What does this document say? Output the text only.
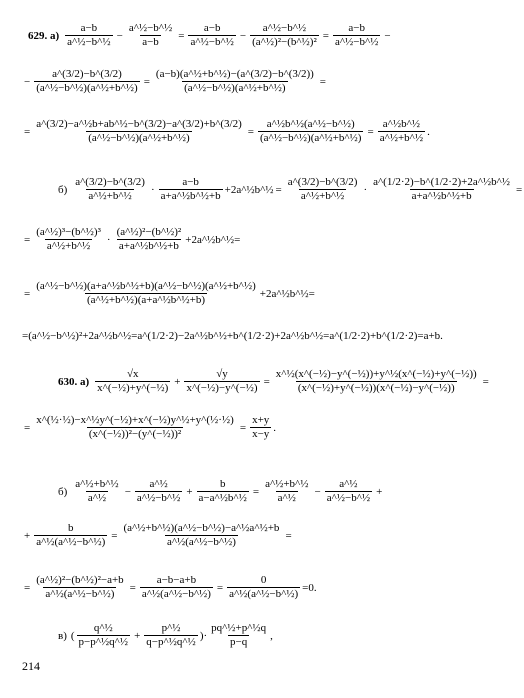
629. $а) \frac{a-b}{\text{a\textasciicircum{}½−b\textasciicircum{}½}} - \frac{\text{a\textasciicircum{}½−b\textasciicircum{}½}}{a-b} = \frac{a-b}{\text{a\textasciicircum{}½−b\textasciicircum{}½}} - \frac{\text{a\textasciicircum{}½−b\textasciicircum{}½}}{\text{(a\textasciicircum{}½)²−(b\textasciicircum{}½)²}} = \frac{a-b}{\text{a\textasciicircum{}½−b\textasciicircum{}½}}$ −
− $\frac{a\^{}(3/2)-b\^{}(3/2)}{\text{(a\textasciicircum{}½−b\textasciicircum{}½)(a\textasciicircum{}½+b\textasciicircum{}½)}} = \frac{\text{(a−b)(a\textasciicircum{}½+b\textasciicircum{}½)−(a\textasciicircum{}(3/2)−b\textasciicircum{}(3/2))}}{\text{(a\textasciicircum{}½−b\textasciicircum{}½)(a\textasciicircum{}½+b\textasciicircum{}½)}}$ =
= $\frac{\text{a\textasciicircum{}(3/2)−a\textasciicircum{}½b+ab\textasciicircum{}½−b\textasciicircum{}(3/2)−a\textasciicircum{}(3/2)+b\textasciicircum{}(3/2)}}{\text{(a\textasciicircum{}½−b\textasciicircum{}½)(a\textasciicircum{}½+b\textasciicircum{}½)}} = \frac{\text{a\textasciicircum{}½b\textasciicircum{}½(a\textasciicircum{}½−b\textasciicircum{}½)}}{\text{(a\textasciicircum{}½−b\textasciicircum{}½)(a\textasciicircum{}½+b\textasciicircum{}½)}} = \frac{\text{a\textasciicircum{}½b\textasciicircum{}½}}{\text{a\textasciicircum{}½+b\textasciicircum{}½}}$ .
$б) \frac{a\^{}(3/2)-b\^{}(3/2)}{\text{a\textasciicircum{}½+b\textasciicircum{}½}} \cdot \frac{a-b}{\text{a+a\textasciicircum{}½b\textasciicircum{}½+b}}$ +2a^½b^½ = $\frac{a\^{}(3/2)-b\^{}(3/2)}{\text{a\textasciicircum{}½+b\textasciicircum{}½}} \cdot \frac{\text{a\textasciicircum{}(1/2·2)−b\textasciicircum{}(1/2·2)+2a\textasciicircum{}½b\textasciicircum{}½}}{\text{a+a\textasciicircum{}½b\textasciicircum{}½+b}}$ =
= $\frac{\text{(a\textasciicircum{}½)³−(b\textasciicircum{}½)³}}{\text{a\textasciicircum{}½+b\textasciicircum{}½}} \cdot \frac{\text{(a\textasciicircum{}½)²−(b\textasciicircum{}½)²}}{\text{a+a\textasciicircum{}½b\textasciicircum{}½+b}}$ +2a^½b^½=
= $\frac{\text{(a\textasciicircum{}½−b\textasciicircum{}½)(a+a\textasciicircum{}½b\textasciicircum{}½+b)(a\textasciicircum{}½−b\textasciicircum{}½)(a\textasciicircum{}½+b\textasciicircum{}½)}}{\text{(a\textasciicircum{}½+b\textasciicircum{}½)(a+a\textasciicircum{}½b\textasciicircum{}½+b)}}$ +2a^½b^½=
=(a^½−b^½)²+2a^½b^½=a^(1/2·2)−2a^½b^½+b^(1/2·2)+2a^½b^½=a^(1/2·2)+b^(1/2·2)=a+b.
630. $а) \frac{√x}{\text{x\textasciicircum{}(−½)+y\textasciicircum{}(−½)}} + \frac{√y}{\text{x\textasciicircum{}(−½)−y\textasciicircum{}(−½)}} = \frac{\text{x\textasciicircum{}½(x\textasciicircum{}(−½)−y\textasciicircum{}(−½))+y\textasciicircum{}½(x\textasciicircum{}(−½)+y\textasciicircum{}(−½))}}{\text{(x\textasciicircum{}(−½)+y\textasciicircum{}(−½))(x\textasciicircum{}(−½)−y\textasciicircum{}(−½))}}$ =
= $\frac{\text{x\textasciicircum{}(½·½)−x\textasciicircum{}½y\textasciicircum{}(−½)+x\textasciicircum{}(−½)y\textasciicircum{}½+y\textasciicircum{}(½·½)}}{\text{(x\textasciicircum{}(−½))²−(y\textasciicircum{}(−½))²}} = \frac{x+y}{x-y}$ .
$б) \frac{\text{a\textasciicircum{}½+b\textasciicircum{}½}}{\text{a\textasciicircum{}½}} - \frac{\text{a\textasciicircum{}½}}{\text{a\textasciicircum{}½−b\textasciicircum{}½}} + \frac{b}{\text{a−a\textasciicircum{}½b\textasciicircum{}½}} = \frac{\text{a\textasciicircum{}½+b\textasciicircum{}½}}{\text{a\textasciicircum{}½}} - \frac{\text{a\textasciicircum{}½}}{\text{a\textasciicircum{}½−b\textasciicircum{}½}}$ +
+ $\frac{b}{\text{a\textasciicircum{}½(a\textasciicircum{}½−b\textasciicircum{}½)}} = \frac{\text{(a\textasciicircum{}½+b\textasciicircum{}½)(a\textasciicircum{}½−b\textasciicircum{}½)−a\textasciicircum{}½a\textasciicircum{}½+b}}{\text{a\textasciicircum{}½(a\textasciicircum{}½−b\textasciicircum{}½)}}$ =
= $\frac{\text{(a\textasciicircum{}½)²−(b\textasciicircum{}½)²−a+b}}{\text{a\textasciicircum{}½(a\textasciicircum{}½−b\textasciicircum{}½)}} = \frac{a-b-a+b}{\text{a\textasciicircum{}½(a\textasciicircum{}½−b\textasciicircum{}½)}} = \frac{0}{\text{a\textasciicircum{}½(a\textasciicircum{}½−b\textasciicircum{}½)}} =0$.
в) ( $\frac{\text{q\textasciicircum{}½}}{\text{p−p\textasciicircum{}½q\textasciicircum{}½}} + \frac{\text{p\textasciicircum{}½}}{\text{q−p\textasciicircum{}½q\textasciicircum{}½}}$ )· $\frac{\text{pq\textasciicircum{}½+p\textasciicircum{}½q}}{p-q}$ ,
214
